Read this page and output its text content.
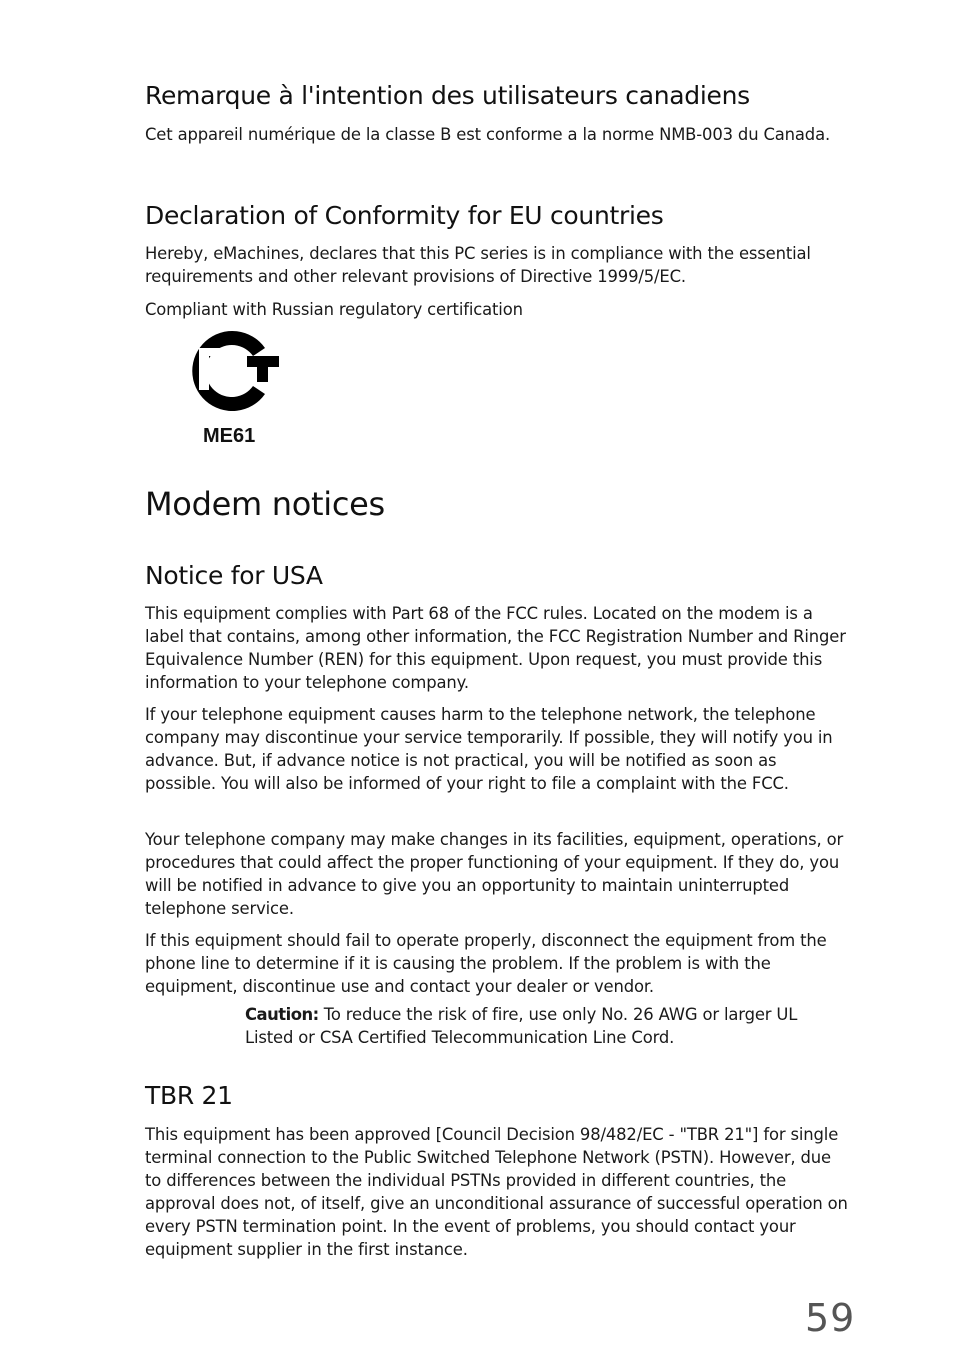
Remarque à l'intention des utilisateurs canadiens

Cet appareil numérique de la classe B est conforme a la norme NMB-003 du Canada.

Declaration of Conformity for EU countries

Hereby, eMachines, declares that this PC series is in compliance with the essential requirements and other relevant provisions of Directive 1999/5/EC.

Compliant with Russian regulatory certification

ME61
Modem notices
Notice for USA

This equipment complies with Part 68 of the FCC rules. Located on the modem is a label that contains, among other information, the FCC Registration Number and Ringer Equivalence Number (REN) for this equipment. Upon request, you must provide this information to your telephone company.

If your telephone equipment causes harm to the telephone network, the telephone company may discontinue your service temporarily. If possible, they will notify you in advance. But, if advance notice is not practical, you will be notified as soon as possible. You will also be informed of your right to file a complaint with the FCC.

Your telephone company may make changes in its facilities, equipment, operations, or procedures that could affect the proper functioning of your equipment. If they do, you will be notified in advance to give you an opportunity to maintain uninterrupted telephone service.

If this equipment should fail to operate properly, disconnect the equipment from the phone line to determine if it is causing the problem. If the problem is with the equipment, discontinue use and contact your dealer or vendor.

Caution: To reduce the risk of fire, use only No. 26 AWG or larger UL Listed or CSA Certified Telecommunication Line Cord.

TBR 21

This equipment has been approved [Council Decision 98/482/EC - "TBR 21"] for single terminal connection to the Public Switched Telephone Network (PSTN). However, due to differences between the individual PSTNs provided in different countries, the approval does not, of itself, give an unconditional assurance of successful operation on every PSTN termination point. In the event of problems, you should contact your equipment supplier in the first instance.

59
